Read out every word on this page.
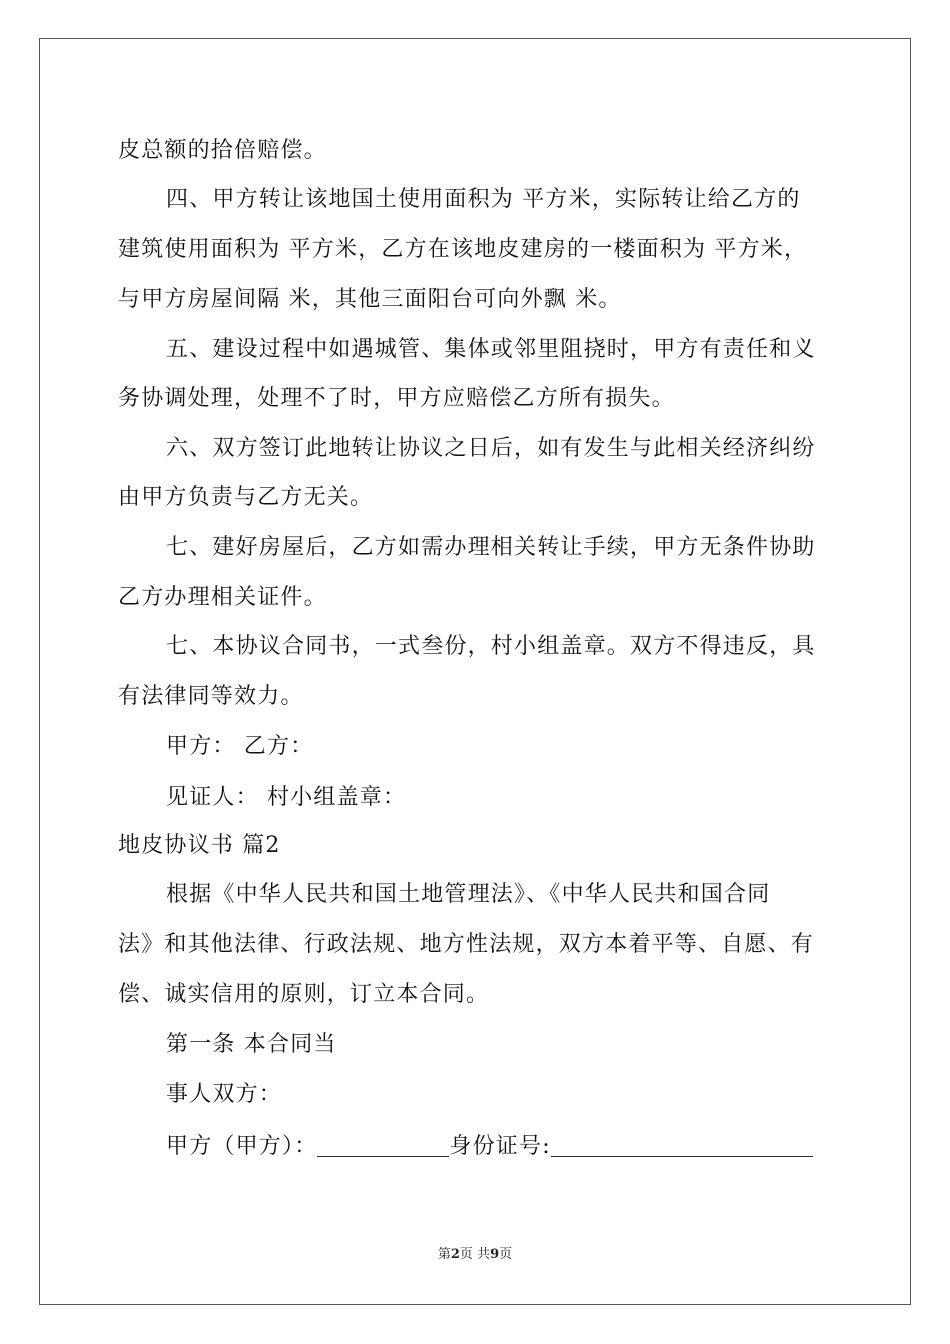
皮总额的拾倍赔偿。
四、甲方转让该地国土使用面积为 平方米，实际转让给乙方的
建筑使用面积为 平方米，乙方在该地皮建房的一楼面积为 平方米，
与甲方房屋间隔 米，其他三面阳台可向外飘 米。
五、建设过程中如遇城管、集体或邻里阻挠时，甲方有责任和义
务协调处理，处理不了时，甲方应赔偿乙方所有损失。
六、双方签订此地转让协议之日后，如有发生与此相关经济纠纷
由甲方负责与乙方无关。
七、建好房屋后，乙方如需办理相关转让手续，甲方无条件协助
乙方办理相关证件。
七、本协议合同书，一式叁份，村小组盖章。双方不得违反，具
有法律同等效力。
甲方： 乙方：
见证人： 村小组盖章：
地皮协议书 篇2
根据《中华人民共和国土地管理法》、《中华人民共和国合同
法》和其他法律、行政法规、地方性法规，双方本着平等、自愿、有
偿、诚实信用的原则，订立本合同。
第一条 本合同当
事人双方：
甲方（甲方）：	身份证号:
第2页 共9页
